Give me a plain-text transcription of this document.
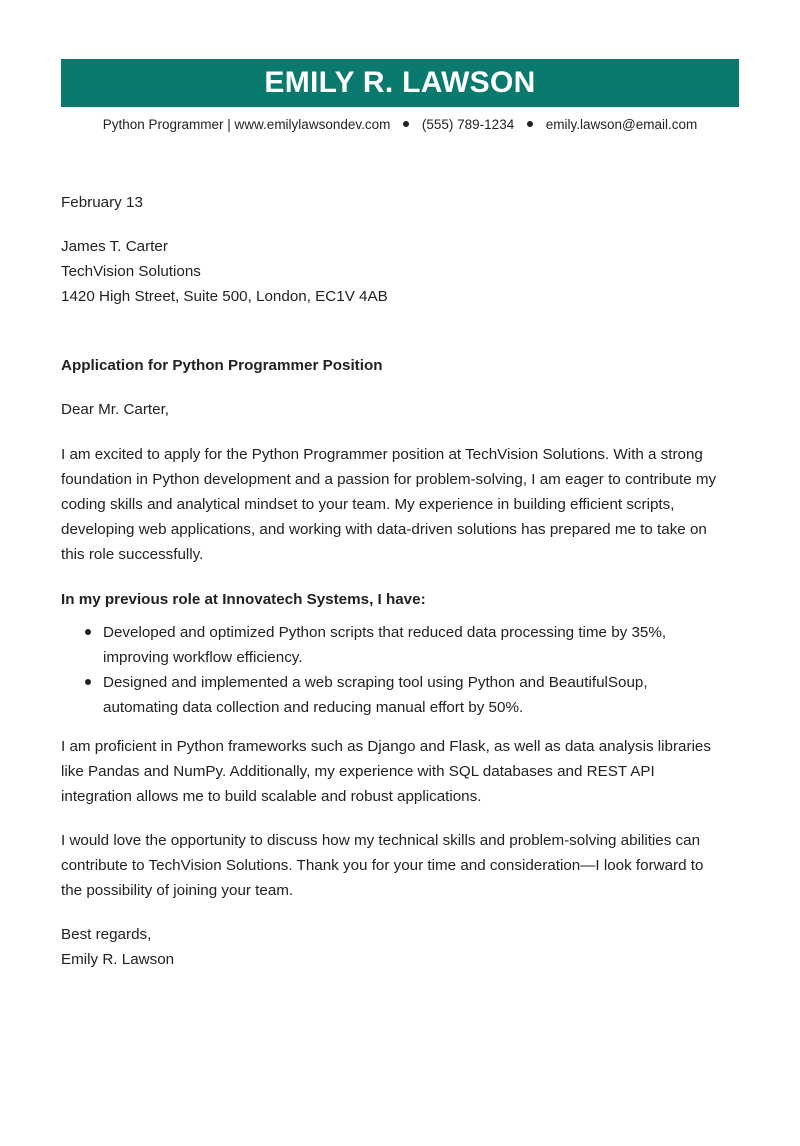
EMILY R. LAWSON
Python Programmer | www.emilylawsondev.com (555) 789-1234 emily.lawson@email.com
February 13
James T. Carter
TechVision Solutions
1420 High Street, Suite 500, London, EC1V 4AB
Application for Python Programmer Position
Dear Mr. Carter,
I am excited to apply for the Python Programmer position at TechVision Solutions. With a strong
foundation in Python development and a passion for problem-solving, I am eager to contribute my
coding skills and analytical mindset to your team. My experience in building efficient scripts,
developing web applications, and working with data-driven solutions has prepared me to take on
this role successfully.
In my previous role at Innovatech Systems, I have:
Developed and optimized Python scripts that reduced data processing time by 35%,
improving workflow efficiency.
Designed and implemented a web scraping tool using Python and BeautifulSoup,
automating data collection and reducing manual effort by 50%.
I am proficient in Python frameworks such as Django and Flask, as well as data analysis libraries
like Pandas and NumPy. Additionally, my experience with SQL databases and REST API
integration allows me to build scalable and robust applications.
I would love the opportunity to discuss how my technical skills and problem-solving abilities can
contribute to TechVision Solutions. Thank you for your time and consideration—I look forward to
the possibility of joining your team.
Best regards,
Emily R. Lawson
